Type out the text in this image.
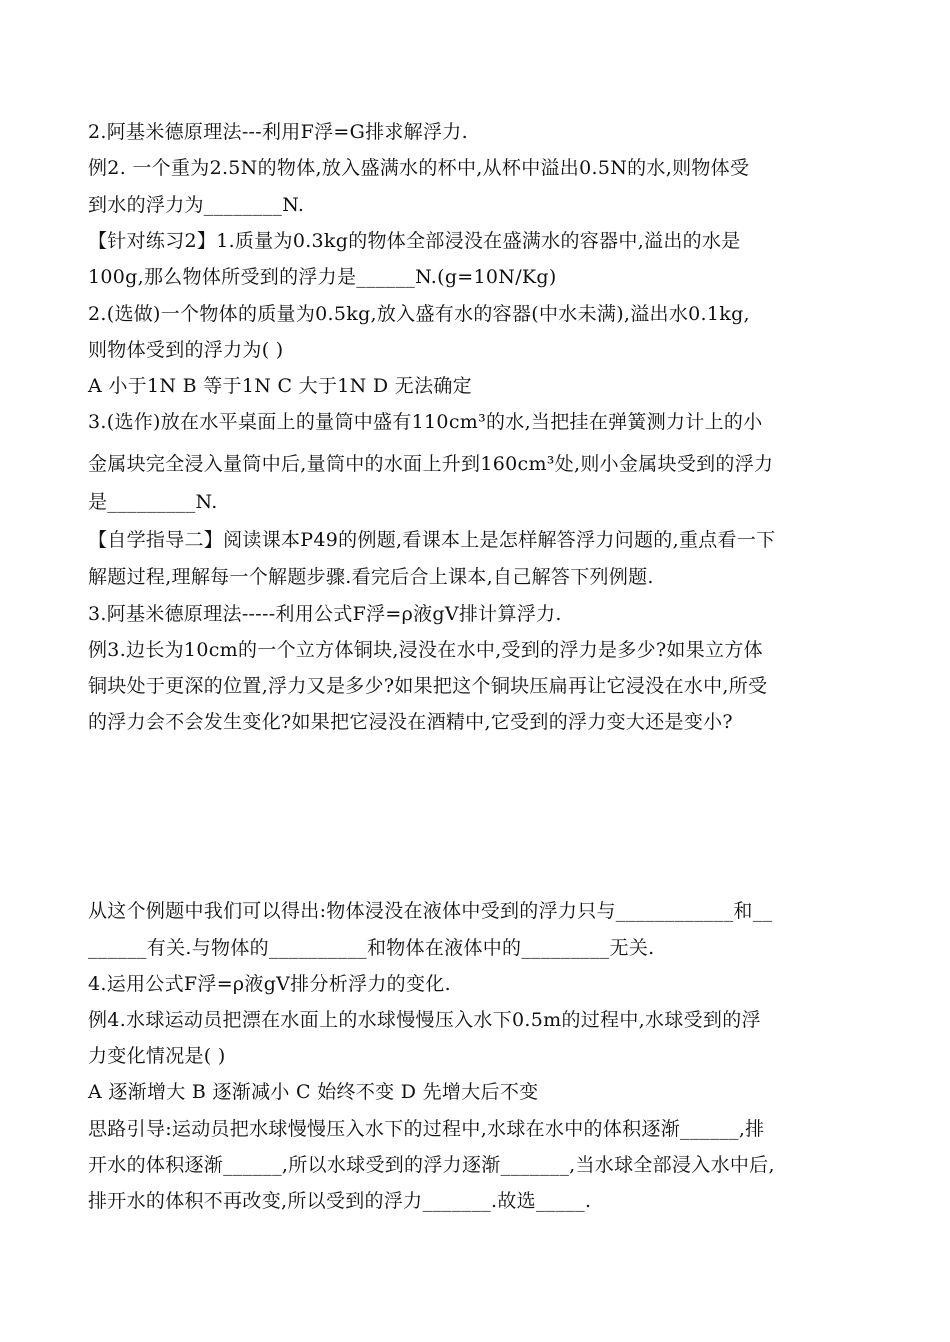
2.阿基米德原理法---利用F浮=G排求解浮力.
例2. 一个重为2.5N的物体,放入盛满水的杯中,从杯中溢出0.5N的水,则物体受
到水的浮力为________N.
【针对练习2】1.质量为0.3kg的物体全部浸没在盛满水的容器中,溢出的水是
100g,那么物体所受到的浮力是______N.(g=10N/Kg)
2.(选做)一个物体的质量为0.5kg,放入盛有水的容器(中水未满),溢出水0.1kg,
则物体受到的浮力为( )
A 小于1N B 等于1N C 大于1N D 无法确定
3.(选作)放在水平桌面上的量筒中盛有110cm³的水,当把挂在弹簧测力计上的小
金属块完全浸入量筒中后,量筒中的水面上升到160cm³处,则小金属块受到的浮力
是_________N.
【自学指导二】阅读课本P49的例题,看课本上是怎样解答浮力问题的,重点看一下
解题过程,理解每一个解题步骤.看完后合上课本,自己解答下列例题.
3.阿基米德原理法-----利用公式F浮=ρ液gV排计算浮力.
例3.边长为10cm的一个立方体铜块,浸没在水中,受到的浮力是多少?如果立方体
铜块处于更深的位置,浮力又是多少?如果把这个铜块压扁再让它浸没在水中,所受
的浮力会不会发生变化?如果把它浸没在酒精中,它受到的浮力变大还是变小?
从这个例题中我们可以得出:物体浸没在液体中受到的浮力只与____________和__
______有关.与物体的__________和物体在液体中的_________无关.
4.运用公式F浮=ρ液gV排分析浮力的变化.
例4.水球运动员把漂在水面上的水球慢慢压入水下0.5m的过程中,水球受到的浮
力变化情况是( )
A 逐渐增大 B 逐渐减小 C 始终不变 D 先增大后不变
思路引导:运动员把水球慢慢压入水下的过程中,水球在水中的体积逐渐______,排
开水的体积逐渐______,所以水球受到的浮力逐渐_______,当水球全部浸入水中后,
排开水的体积不再改变,所以受到的浮力_______.故选_____.
